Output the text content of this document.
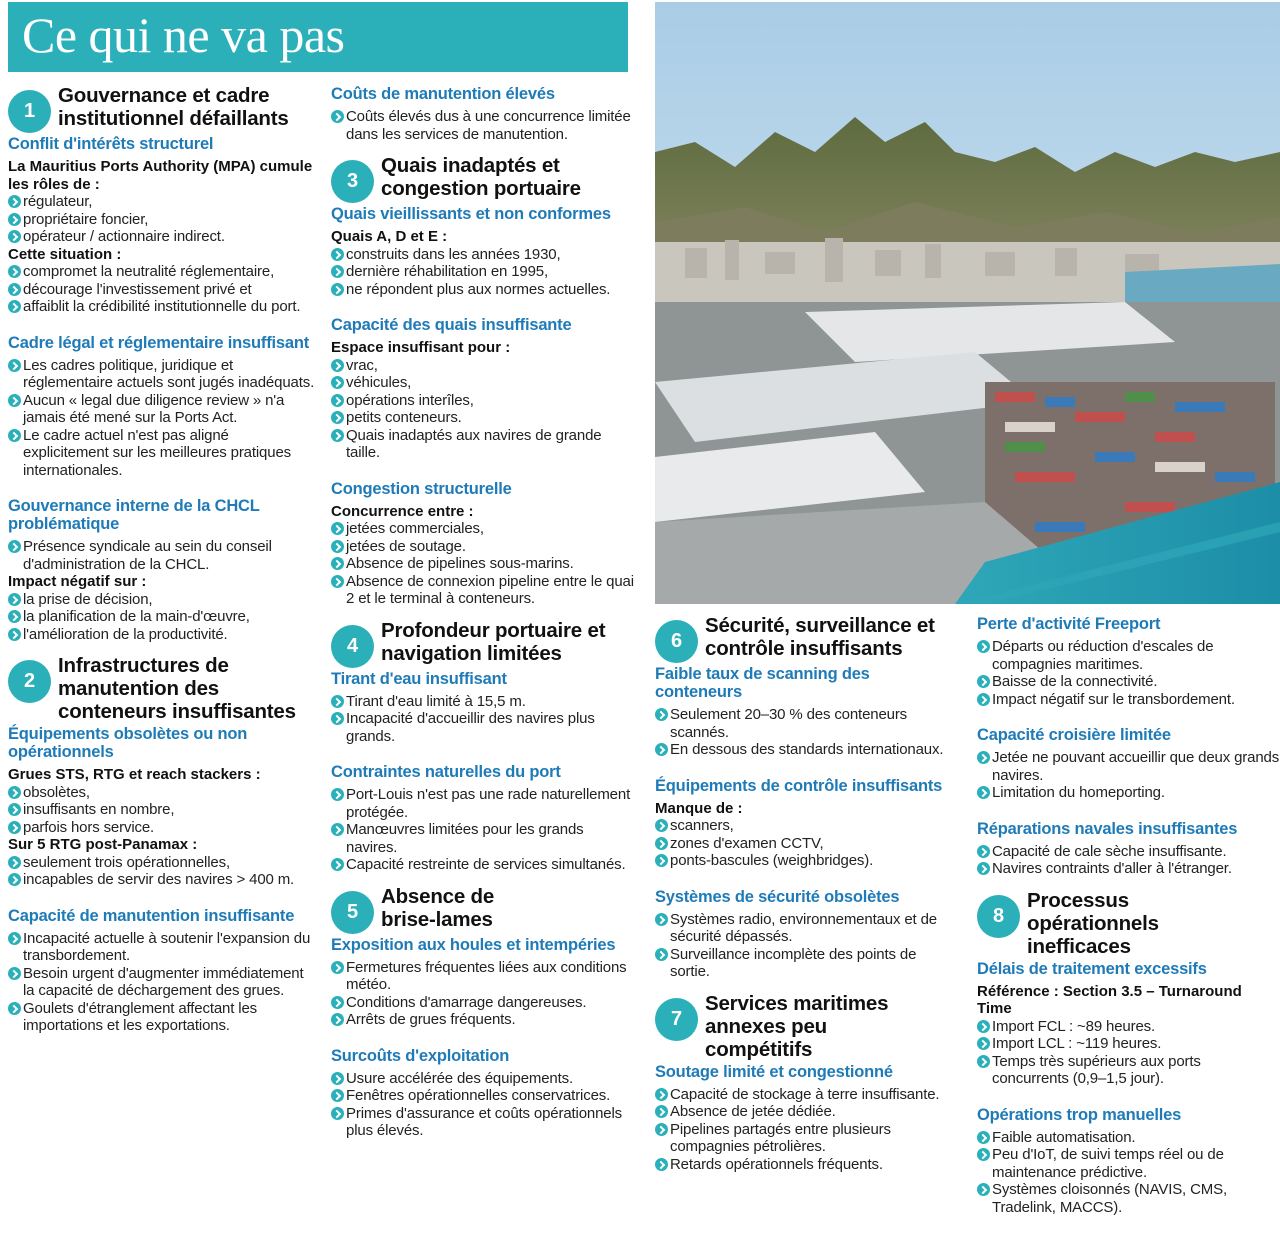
Ce qui ne va pas
1
Gouvernance et cadre institutionnel défaillants
Conflit d'intérêts structurel
La Mauritius Ports Authority (MPA) cumule les rôles de :
régulateur,
propriétaire foncier,
opérateur / actionnaire indirect.
Cette situation :
compromet la neutralité réglementaire,
décourage l'investissement privé et
affaiblit la crédibilité institutionnelle du port.
Cadre légal et réglementaire insuffisant
Les cadres politique, juridique et réglementaire actuels sont jugés inadéquats.
Aucun « legal due diligence review » n'a jamais été mené sur la Ports Act.
Le cadre actuel n'est pas aligné explicitement sur les meilleures pratiques internationales.
Gouvernance interne de la CHCL problématique
Présence syndicale au sein du conseil d'administration de la CHCL.
Impact négatif sur :
la prise de décision,
la planification de la main-d'œuvre,
l'amélioration de la productivité.
2
Infrastructures de manutention des conteneurs insuffisantes
Équipements obsolètes ou non opérationnels
Grues STS, RTG et reach stackers :
obsolètes,
insuffisants en nombre,
parfois hors service.
Sur 5 RTG post-Panamax :
seulement trois opérationnelles,
incapables de servir des navires > 400 m.
Capacité de manutention insuffisante
Incapacité actuelle à soutenir l'expansion du transbordement.
Besoin urgent d'augmenter immédiatement la capacité de déchargement des grues.
Goulets d'étranglement affectant les importations et les exportations.
Coûts de manutention élevés
Coûts élevés dus à une concurrence limitée dans les services de manutention.
3
Quais inadaptés et congestion portuaire
Quais vieillissants et non conformes
Quais A, D et E :
construits dans les années 1930,
dernière réhabilitation en 1995,
ne répondent plus aux normes actuelles.
Capacité des quais insuffisante
Espace insuffisant pour :
vrac,
véhicules,
opérations interîles,
petits conteneurs.
Quais inadaptés aux navires de grande taille.
Congestion structurelle
Concurrence entre :
jetées commerciales,
jetées de soutage.
Absence de pipelines sous-marins.
Absence de connexion pipeline entre le quai 2 et le terminal à conteneurs.
4
Profondeur portuaire et navigation limitées
Tirant d'eau insuffisant
Tirant d'eau limité à 15,5 m.
Incapacité d'accueillir des navires plus grands.
Contraintes naturelles du port
Port-Louis n'est pas une rade naturellement protégée.
Manœuvres limitées pour les grands navires.
Capacité restreinte de services simultanés.
5
Absence de brise-lames
Exposition aux houles et intempéries
Fermetures fréquentes liées aux conditions météo.
Conditions d'amarrage dangereuses.
Arrêts de grues fréquents.
Surcoûts d'exploitation
Usure accélérée des équipements.
Fenêtres opérationnelles conservatrices.
Primes d'assurance et coûts opérationnels plus élevés.
6
Sécurité, surveillance et contrôle insuffisants
Faible taux de scanning des conteneurs
Seulement 20–30 % des conteneurs scannés.
En dessous des standards internationaux.
Équipements de contrôle insuffisants
Manque de :
scanners,
zones d'examen CCTV,
ponts-bascules (weighbridges).
Systèmes de sécurité obsolètes
Systèmes radio, environnementaux et de sécurité dépassés.
Surveillance incomplète des points de sortie.
7
Services maritimes annexes peu compétitifs
Soutage limité et congestionné
Capacité de stockage à terre insuffisante.
Absence de jetée dédiée.
Pipelines partagés entre plusieurs compagnies pétrolières.
Retards opérationnels fréquents.
Perte d'activité Freeport
Départs ou réduction d'escales de compagnies maritimes.
Baisse de la connectivité.
Impact négatif sur le transbordement.
Capacité croisière limitée
Jetée ne pouvant accueillir que deux grands navires.
Limitation du homeporting.
Réparations navales insuffisantes
Capacité de cale sèche insuffisante.
Navires contraints d'aller à l'étranger.
8
Processus opérationnels inefficaces
Délais de traitement excessifs
Référence : Section 3.5 – Turnaround Time
Import FCL : ~89 heures.
Import LCL : ~119 heures.
Temps très supérieurs aux ports concurrents (0,9–1,5 jour).
Opérations trop manuelles
Faible automatisation.
Peu d'IoT, de suivi temps réel ou de maintenance prédictive.
Systèmes cloisonnés (NAVIS, CMS, Tradelink, MACCS).
